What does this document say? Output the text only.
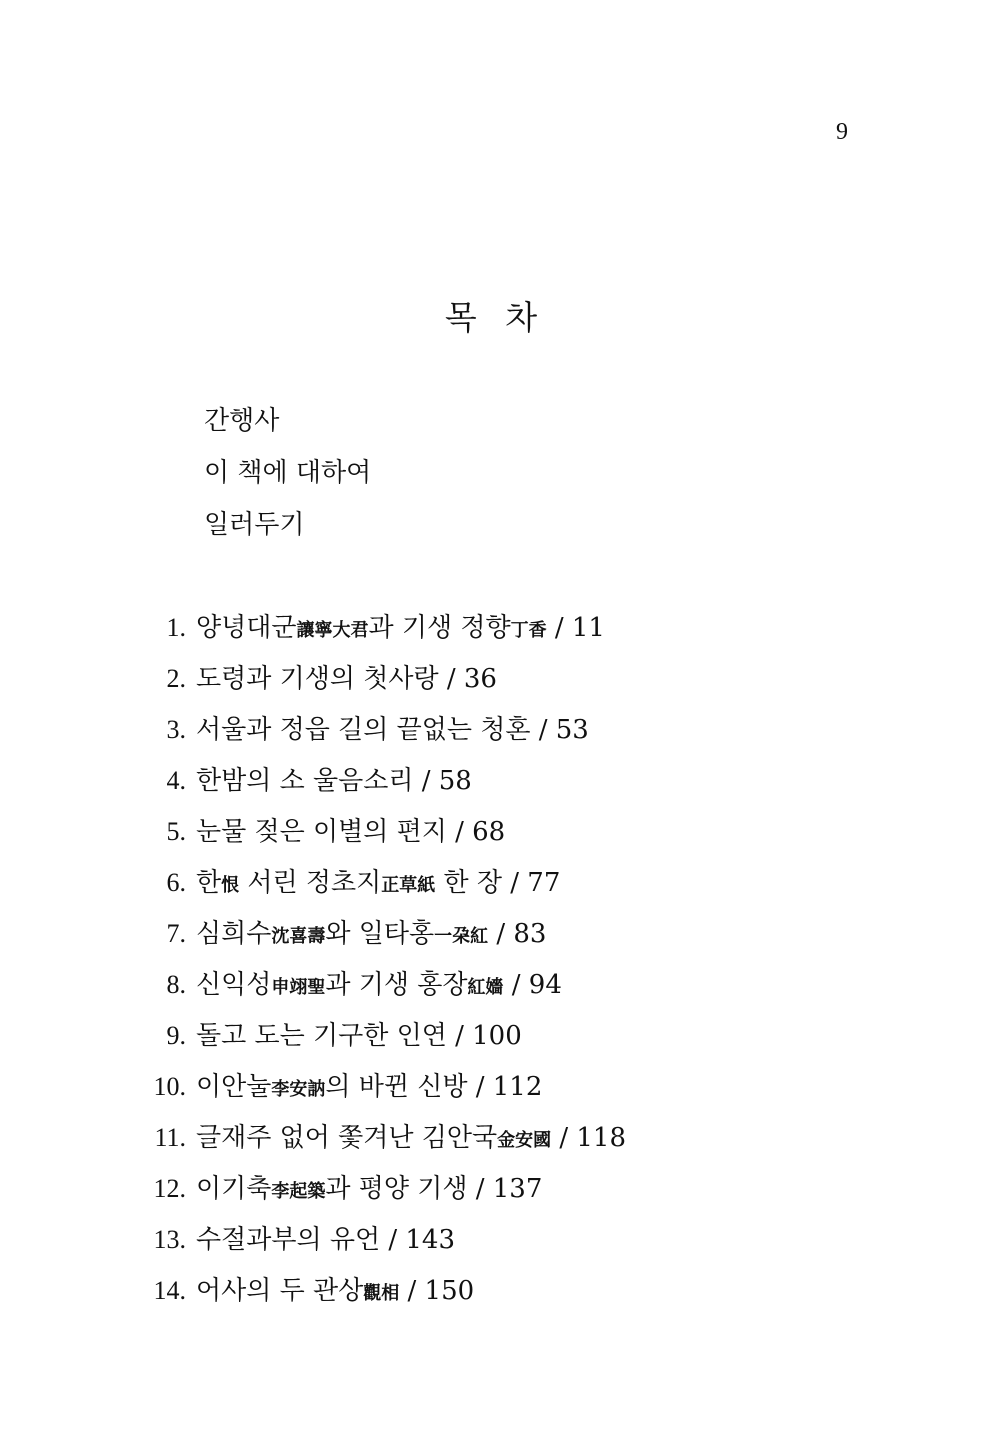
9
목 차
간행사
이 책에 대하여
일러두기
1. 양녕대군讓寧大君과 기생 정향丁香 / 11
2. 도령과 기생의 첫사랑 / 36
3. 서울과 정읍 길의 끝없는 청혼 / 53
4. 한밤의 소 울음소리 / 58
5. 눈물 젖은 이별의 편지 / 68
6. 한恨 서린 정초지正草紙 한 장 / 77
7. 심희수沈喜壽와 일타홍一朶紅 / 83
8. 신익성申翊聖과 기생 홍장紅嬙 / 94
9. 돌고 도는 기구한 인연 / 100
10. 이안눌李安訥의 바뀐 신방 / 112
11. 글재주 없어 쫓겨난 김안국金安國 / 118
12. 이기축李起築과 평양 기생 / 137
13. 수절과부의 유언 / 143
14. 어사의 두 관상觀相 / 150
